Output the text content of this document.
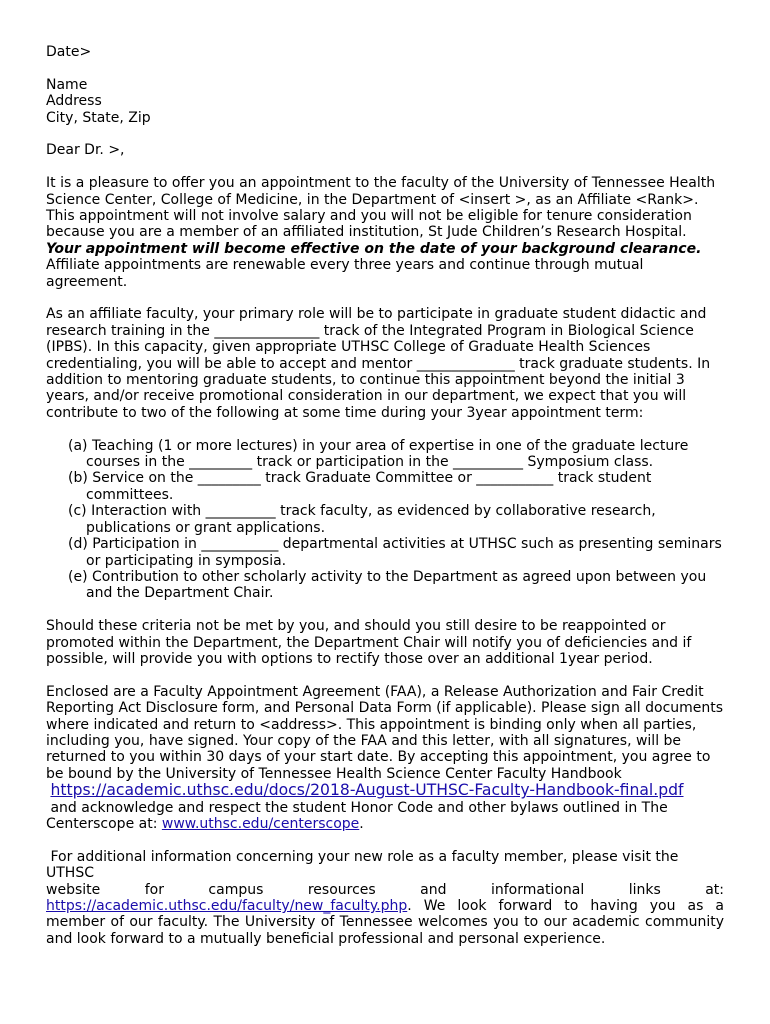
Date>

Name

Address

City, State, Zip

Dear Dr. >,

It is a pleasure to offer you an appointment to the faculty of the University of Tennessee Health Science Center, College of Medicine, in the Department of <insert >, as an Affiliate <Rank>. This appointment will not involve salary and you will not be eligible for tenure consideration because you are a member of an affiliated institution, St Jude Children’s Research Hospital. Your appointment will become effective on the date of your background clearance. Affiliate appointments are renewable every three years and continue through mutual agreement.

As an affiliate faculty, your primary role will be to participate in graduate student didactic and research training in the _______________ track of the Integrated Program in Biological Science (IPBS). In this capacity, given appropriate UTHSC College of Graduate Health Sciences credentialing, you will be able to accept and mentor ______________ track graduate students. In addition to mentoring graduate students, to continue this appointment beyond the initial 3 years, and/or receive promotional consideration in our department, we expect that you will contribute to two of the following at some time during your 3year appointment term:

(a) Teaching (1 or more lectures) in your area of expertise in one of the graduate lecture courses in the _________ track or participation in the __________ Symposium class.
(b) Service on the _________ track Graduate Committee or ___________ track student committees.
(c) Interaction with __________ track faculty, as evidenced by collaborative research, publications or grant applications.
(d) Participation in ___________ departmental activities at UTHSC such as presenting seminars or participating in symposia.
(e) Contribution to other scholarly activity to the Department as agreed upon between you and the Department Chair.

Should these criteria not be met by you, and should you still desire to be reappointed or promoted within the Department, the Department Chair will notify you of deficiencies and if possible, will provide you with options to rectify those over an additional 1year period.

Enclosed are a Faculty Appointment Agreement (FAA), a Release Authorization and Fair Credit Reporting Act Disclosure form, and Personal Data Form (if applicable). Please sign all documents where indicated and return to <address>. This appointment is binding only when all parties, including you, have signed. Your copy of the FAA and this letter, with all signatures, will be returned to you within 30 days of your start date. By accepting this appointment, you agree to be bound by the University of Tennessee Health Science Center Faculty Handbook
https://academic.uthsc.edu/docs/2018-August-UTHSC-Faculty-Handbook-final.pdf
and acknowledge and respect the student Honor Code and other bylaws outlined in The Centerscope at: www.uthsc.edu/centerscope.

For additional information concerning your new role as a faculty member, please visit the UTHSC

website for campus resources and informational links at:

https://academic.uthsc.edu/faculty/new_faculty.php. We look forward to having you as a member of our faculty. The University of Tennessee welcomes you to our academic community and look forward to a mutually beneficial professional and personal experience.
